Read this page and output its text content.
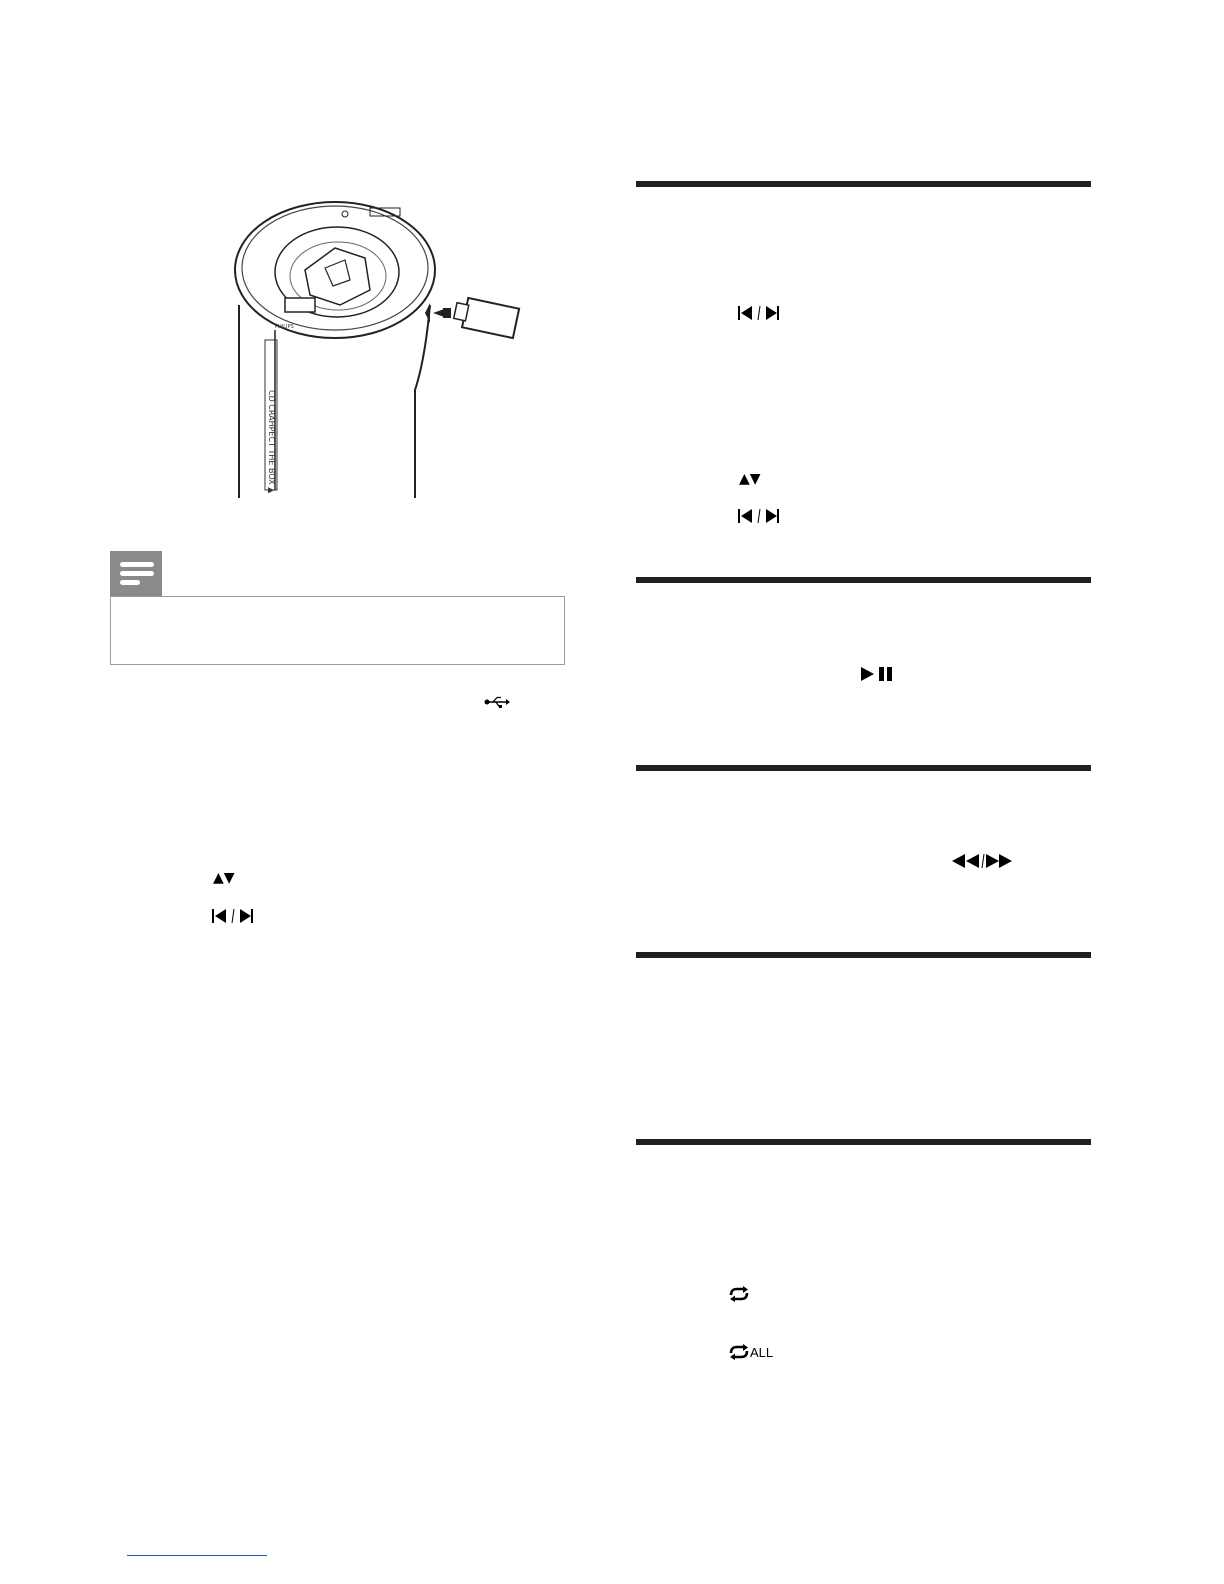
CD CRAHPECT THE BOX ▲
PHILIPS
▲▼
▲▼
ALL
